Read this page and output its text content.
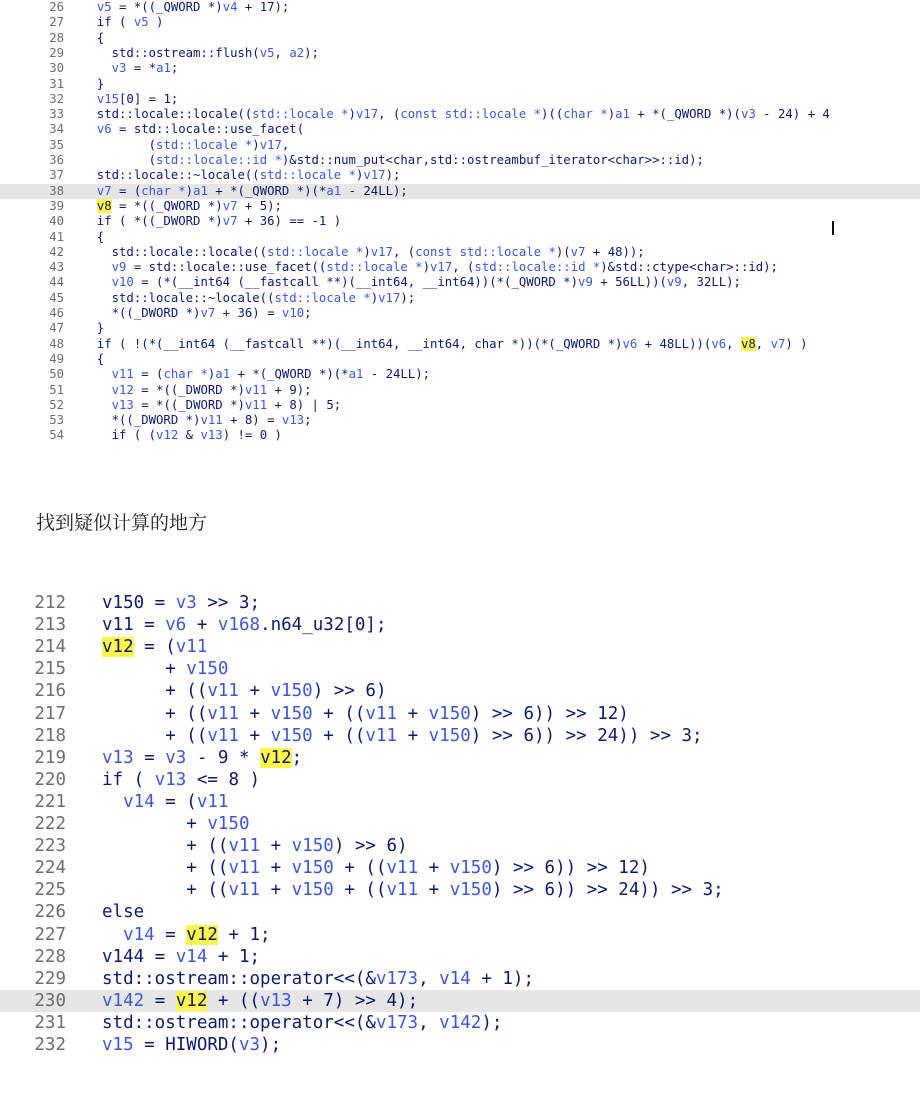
26	v5 = *((_QWORD *)v4 + 17);
27 if ( v5 )
28 {
29 std::ostream::flush(v5, a2);
30	v3 = *a1;
31 }
32	v15[0] = 1;
33 std::locale::locale((std::locale *)v17, (const std::locale *)((char *)a1 + *(_QWORD *)(v3 - 24) + 4
34	v6 = std::locale::use_facet(
35 (std::locale *)v17,
36 (std::locale::id *)&std::num_put<char,std::ostreambuf_iterator<char>>::id);
37 std::locale::~locale((std::locale *)v17);
38 v7 = (char *)a1 + *(_QWORD *)(*a1 - 24LL);
39	v8 = *((_QWORD *)v7 + 5);
40 if ( *((_DWORD *)v7 + 36) == -1 )
41 {
42 std::locale::locale((std::locale *)v17, (const std::locale *)(v7 + 48));
43	v9 = std::locale::use_facet((std::locale *)v17, (std::locale::id *)&std::ctype<char>::id);
44	v10 = (*(__int64 (__fastcall **)(__int64, __int64))(*(_QWORD *)v9 + 56LL))(v9, 32LL);
45 std::locale::~locale((std::locale *)v17);
46 *((_DWORD *)v7 + 36) = v10;
47 }
48 if ( !(*(__int64 (__fastcall **)(__int64, __int64, char *))(*(_QWORD *)v6 + 48LL))(v6, v8, v7) )
49 {
50	v11 = (char *)a1 + *(_QWORD *)(*a1 - 24LL);
51	v12 = *((_DWORD *)v11 + 9);
52	v13 = *((_DWORD *)v11 + 8) | 5;
53 *((_DWORD *)v11 + 8) = v13;
54 if ( (v12 & v13) != 0 )
找到疑似计算的地方
212 v150 = v3 >> 3;
213 v11 = v6 + v168.n64_u32[0];
214 v12 = (v11
215 + v150
216 + ((v11 + v150) >> 6)
217 + ((v11 + v150 + ((v11 + v150) >> 6)) >> 12)
218 + ((v11 + v150 + ((v11 + v150) >> 6)) >> 24)) >> 3;
219 v13 = v3 - 9 * v12;
220 if ( v13 <= 8 )
221	v14 = (v11
222 + v150
223 + ((v11 + v150) >> 6)
224 + ((v11 + v150 + ((v11 + v150) >> 6)) >> 12)
225 + ((v11 + v150 + ((v11 + v150) >> 6)) >> 24)) >> 3;
226 else
227	v14 = v12 + 1;
228 v144 = v14 + 1;
229 std::ostream::operator<<(&v173, v14 + 1);
230 v142 = v12 + ((v13 + 7) >> 4);
231 std::ostream::operator<<(&v173, v142);
232 v15 = HIWORD(v3);
